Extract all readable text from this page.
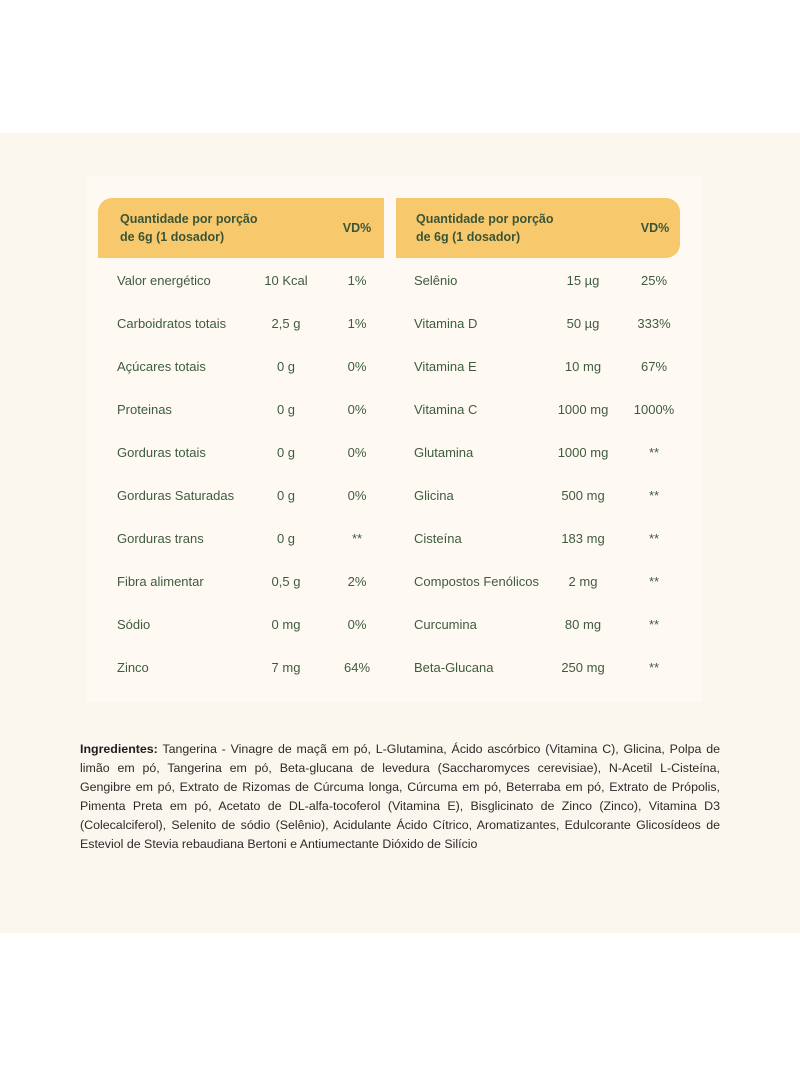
Quantidade por porção
de 6g (1 dosador)
VD%
Valor energético	10 Kcal	1%
Carboidratos totais	2,5 g	1%
Açúcares totais	0 g	0%
Proteinas	0 g	0%
Gorduras totais	0 g	0%
Gorduras Saturadas	0 g	0%
Gorduras trans	0 g	**
Fibra alimentar	0,5 g	2%
Sódio	0 mg	0%
Zinco	7 mg	64%
Quantidade por porção
de 6g (1 dosador)
VD%
Selênio	15 µg	25%
Vitamina D	50 µg	333%
Vitamina E	10 mg	67%
Vitamina C	1000 mg	1000%
Glutamina	1000 mg	**
Glicina	500 mg	**
Cisteína	183 mg	**
Compostos Fenólicos	2 mg	**
Curcumina	80 mg	**
Beta-Glucana	250 mg	**

Ingredientes: Tangerina - Vinagre de maçã em pó, L-Glutamina, Ácido ascórbico (Vitamina C), Glicina, Polpa de limão em pó, Tangerina em pó, Beta-glucana de levedura (Saccharomyces cerevisiae), N-Acetil L-Cisteína, Gengibre em pó, Extrato de Rizomas de Cúrcuma longa, Cúrcuma em pó, Beterraba em pó, Extrato de Própolis, Pimenta Preta em pó, Acetato de DL-alfa-tocoferol (Vitamina E), Bisglicinato de Zinco (Zinco), Vitamina D3 (Colecalciferol), Selenito de sódio (Selênio), Acidulante Ácido Cítrico, Aromatizantes, Edulcorante Glicosídeos de Esteviol de Stevia rebaudiana Bertoni e Antiumectante Dióxido de Silício
